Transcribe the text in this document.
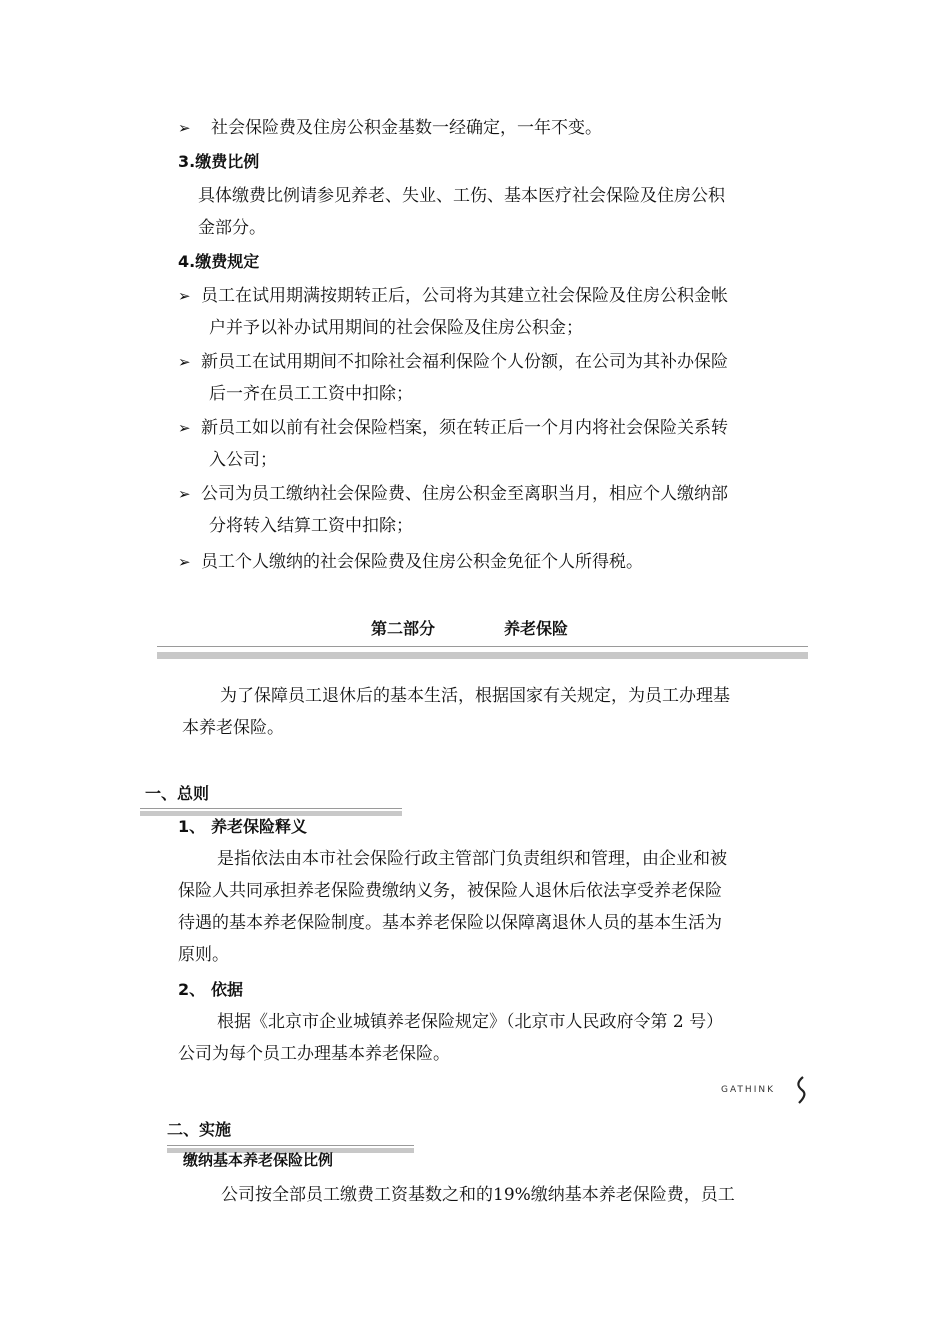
➢ 社会保险费及住房公积金基数一经确定，一年不变。
3.缴费比例
具体缴费比例请参见养老、失业、工伤、基本医疗社会保险及住房公积
金部分。
4.缴费规定
➢ 员工在试用期满按期转正后，公司将为其建立社会保险及住房公积金帐
户并予以补办试用期间的社会保险及住房公积金；
➢ 新员工在试用期间不扣除社会福利保险个人份额，在公司为其补办保险
后一齐在员工工资中扣除；
➢ 新员工如以前有社会保险档案，须在转正后一个月内将社会保险关系转
入公司；
➢ 公司为员工缴纳社会保险费、住房公积金至离职当月，相应个人缴纳部
分将转入结算工资中扣除；
➢ 员工个人缴纳的社会保险费及住房公积金免征个人所得税。
第二部分	养老保险
为了保障员工退休后的基本生活，根据国家有关规定，为员工办理基
本养老保险。
一、总则
1、 养老保险释义
是指依法由本市社会保险行政主管部门负责组织和管理，由企业和被
保险人共同承担养老保险费缴纳义务，被保险人退休后依法享受养老保险
待遇的基本养老保险制度。基本养老保险以保障离退休人员的基本生活为
原则。
2、 依据
根据《北京市企业城镇养老保险规定》（北京市人民政府令第 2 号）
公司为每个员工办理基本养老保险。
GATHINK
二、实施
缴纳基本养老保险比例
公司按全部员工缴费工资基数之和的19%缴纳基本养老保险费，员工
